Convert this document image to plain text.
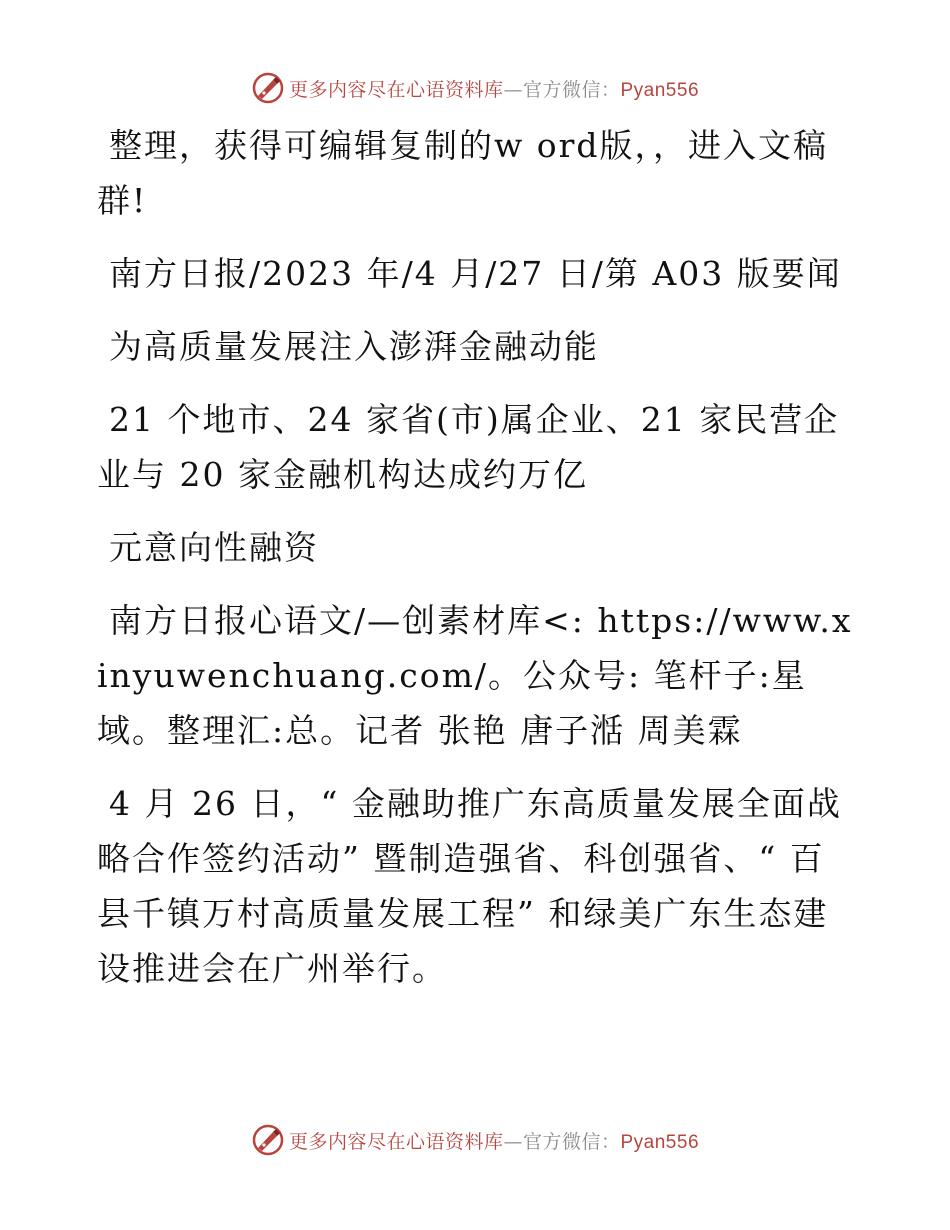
更多内容尽在心语资料库—官方微信：Pyan556

整理，获得可编辑复制的w ord版，，进入文稿群!

南方日报/2023 年/4 月/27 日/第 A03 版要闻

为高质量发展注入澎湃金融动能

21 个地市、24 家省(市)属企业、21 家民营企业与 20 家金融机构达成约万亿

元意向性融资

南方日报心语文/—创素材库<: https://www.xinyuwenchuang.com/。公众号: 笔杆子:星域。整理汇:总。记者 张艳 唐子湉 周美霖

4 月 26 日，“ 金融助推广东高质量发展全面战略合作签约活动” 暨制造强省、科创强省、“ 百县千镇万村高质量发展工程” 和绿美广东生态建设推进会在广州举行。

更多内容尽在心语资料库—官方微信：Pyan556
